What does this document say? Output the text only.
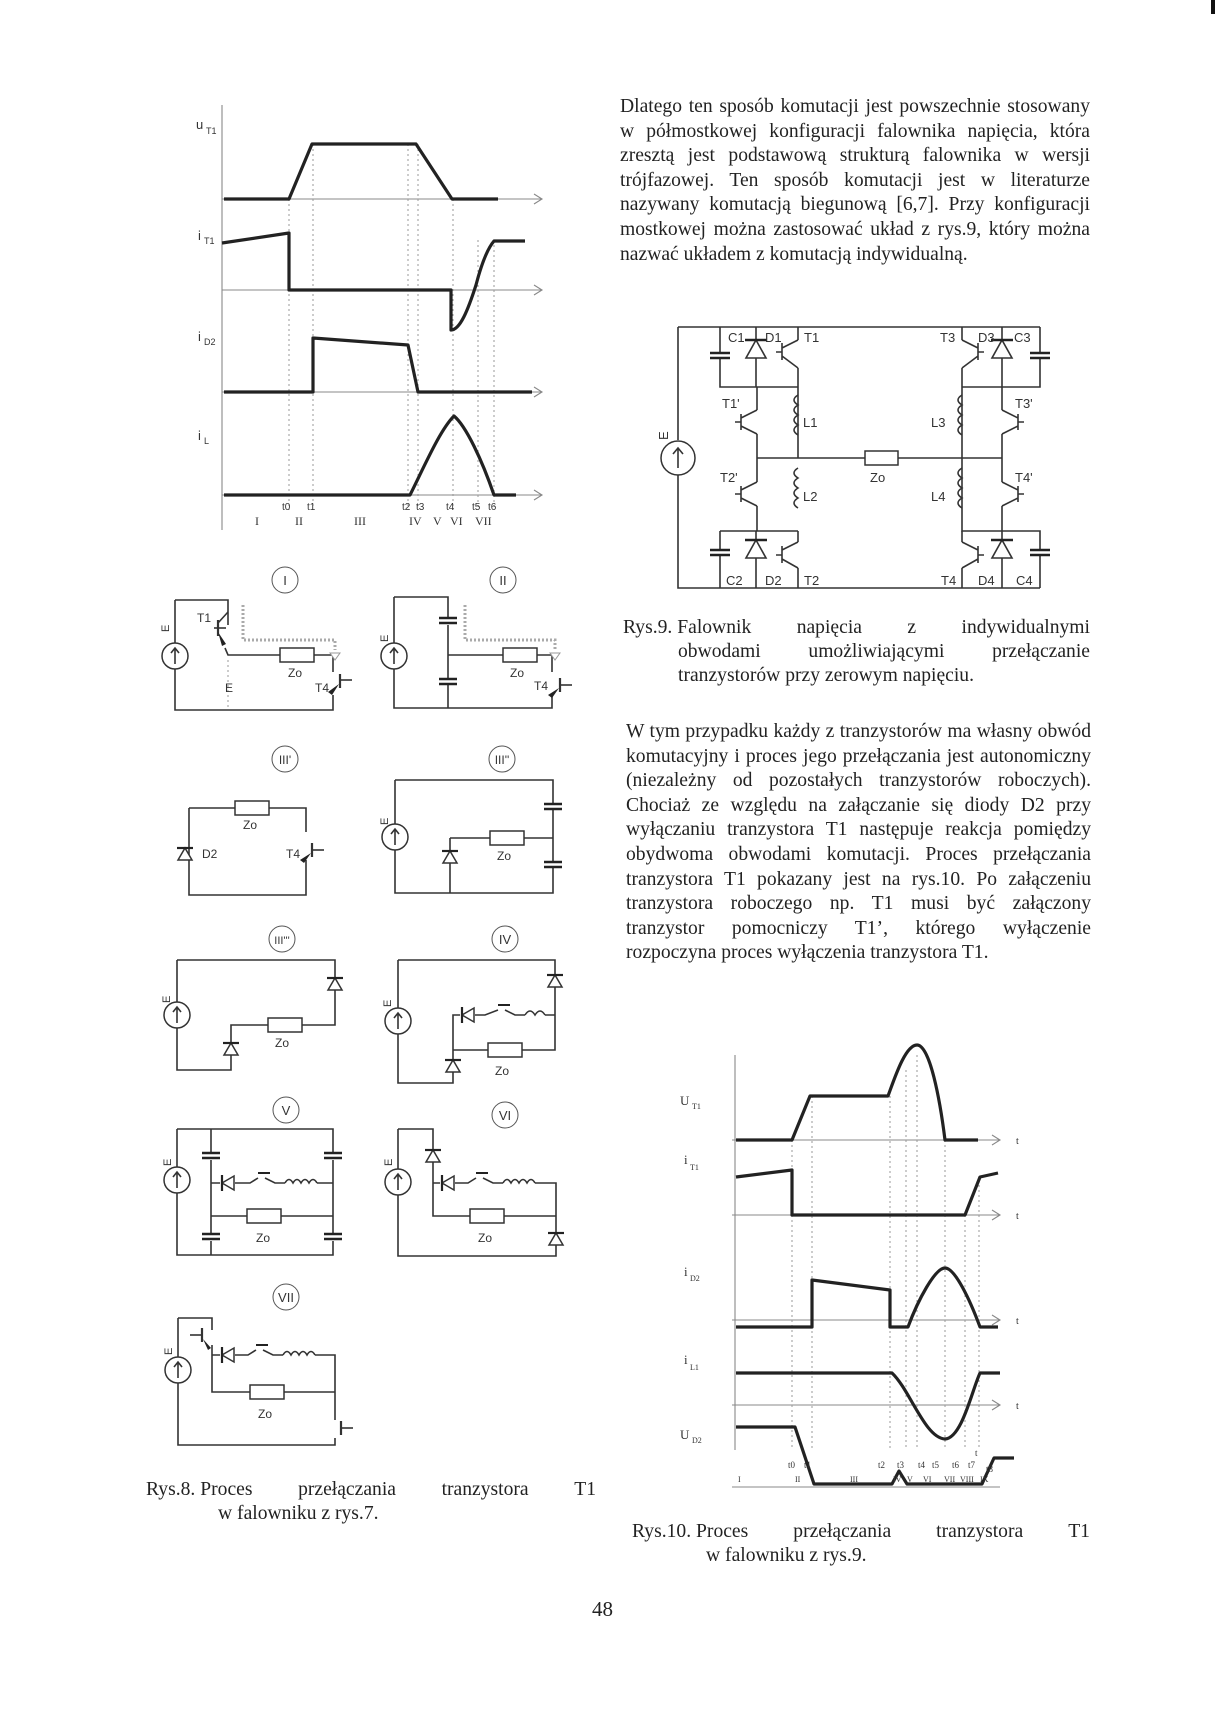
u T1
i T1
i D2
i L
t0 t1	t2 t3 t4 t5 t6
I	II	III	IV V VI VII
I
E
T1
Zo
T4
E
II
Zo
T4
E
III'
Zo
D2	T4
III''
Zo
E
III'''
Zo
E
IV
Zo
E
V
Zo
E
VI
Zo
E
VII
Zo
E
Rys.8. Proces przełączania tranzystora T1
w falowniku z rys.7.

Dlatego ten sposób komutacji jest powszechnie stosowany w półmostkowej konfiguracji falownika napięcia, która zresztą jest podstawową strukturą falownika w wersji trójfazowej. Ten sposób komutacji jest w literaturze nazywany komutacją biegunową [6,7]. Przy konfiguracji mostkowej można zastosować układ z rys.9, który można nazwać układem z komutacją indywidualną.

C1 D1 T1	T3 D3 C3
T1'
L1	L3
T3'
E
Zo
T2'
L2	L4
T4'
C2 D2 T2	T4 D4 C4
Rys.9. Falownik napięcia z indywidualnymi
obwodami umożliwiającymi przełączanie
tranzystorów przy zerowym napięciu.

W tym przypadku każdy z tranzystorów ma własny obwód komutacyjny i proces jego przełączania jest autonomiczny (niezależny od pozostałych tranzystorów roboczych). Chociaż ze względu na załączanie się diody D2 przy wyłączaniu tranzystora T1 następuje reakcja pomiędzy obydwoma obwodami komutacji. Proces przełączania tranzystora T1 pokazany jest na rys.10. Po załączeniu tranzystora roboczego np. T1 musi być załączony tranzystor pomocniczy T1’, którego wyłączenie rozpoczyna proces wyłączenia tranzystora T1.

U T1
i
T1
i D2
i
L1
U D2
t
t
t
t
t
t0 t1	t2 t3 t4 t5 t6 t7 t8
I	II	III	IV V VI VII VIII IX
Rys.10. Proces przełączania tranzystora T1
w falowniku z rys.9.
48
